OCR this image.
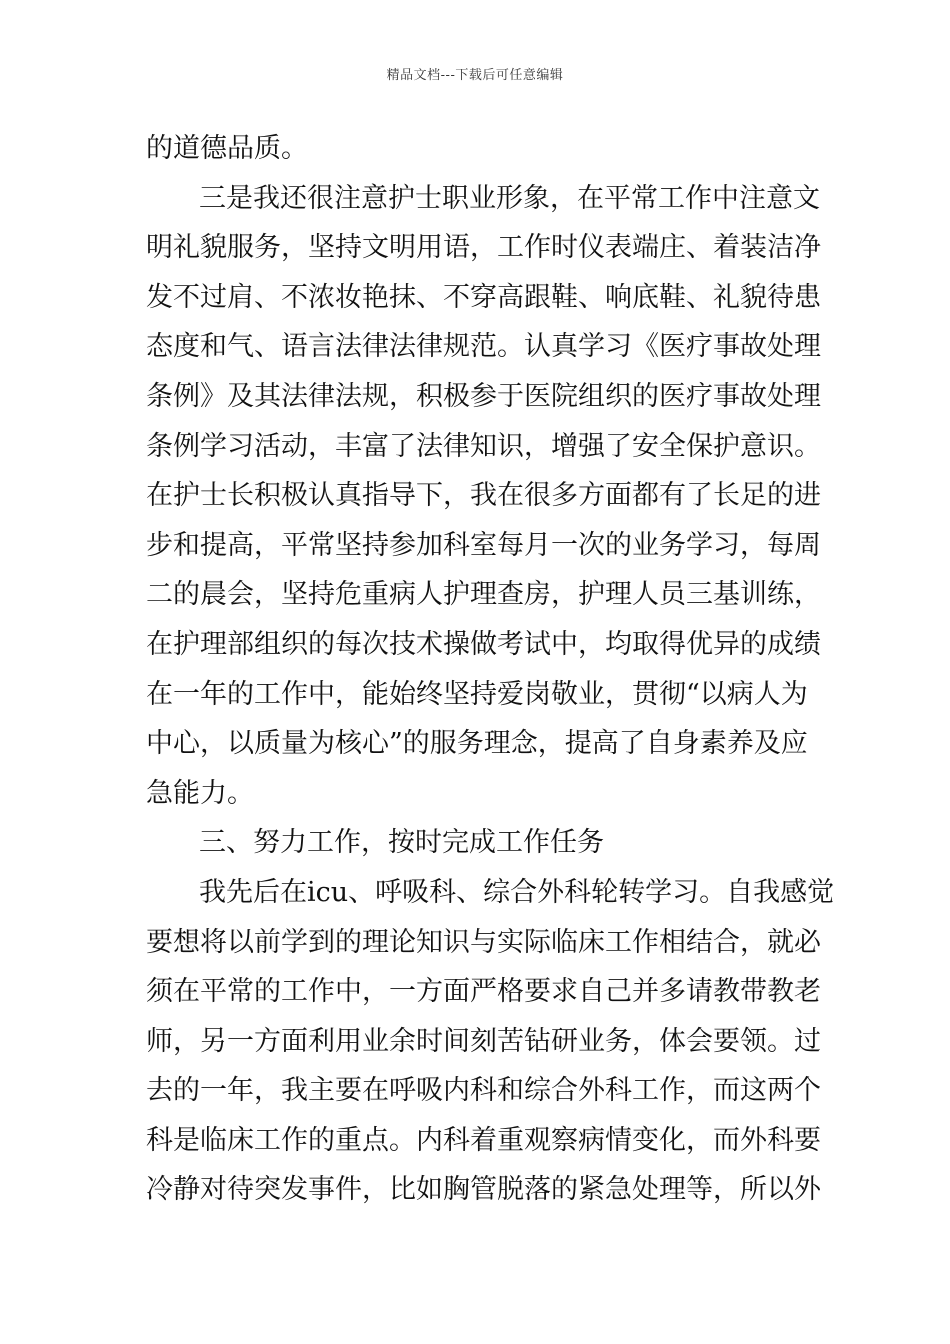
精品文档---下载后可任意编辑
的道德品质。
三是我还很注意护士职业形象，在平常工作中注意文
明礼貌服务，坚持文明用语，工作时仪表端庄、着装洁净
发不过肩、不浓妆艳抹、不穿高跟鞋、响底鞋、礼貌待患
态度和气、语言法律法律规范。认真学习《医疗事故处理
条例》及其法律法规，积极参于医院组织的医疗事故处理
条例学习活动，丰富了法律知识，增强了安全保护意识。
在护士长积极认真指导下，我在很多方面都有了长足的进
步和提高，平常坚持参加科室每月一次的业务学习，每周
二的晨会，坚持危重病人护理查房，护理人员三基训练，
在护理部组织的每次技术操做考试中，均取得优异的成绩
在一年的工作中，能始终坚持爱岗敬业，贯彻“以病人为
中心，以质量为核心”的服务理念，提高了自身素养及应
急能力。
三、努力工作，按时完成工作任务
我先后在icu、呼吸科、综合外科轮转学习。自我感觉
要想将以前学到的理论知识与实际临床工作相结合，就必
须在平常的工作中，一方面严格要求自己并多请教带教老
师，另一方面利用业余时间刻苦钻研业务，体会要领。过
去的一年，我主要在呼吸内科和综合外科工作，而这两个
科是临床工作的重点。内科着重观察病情变化，而外科要
冷静对待突发事件，比如胸管脱落的紧急处理等，所以外
